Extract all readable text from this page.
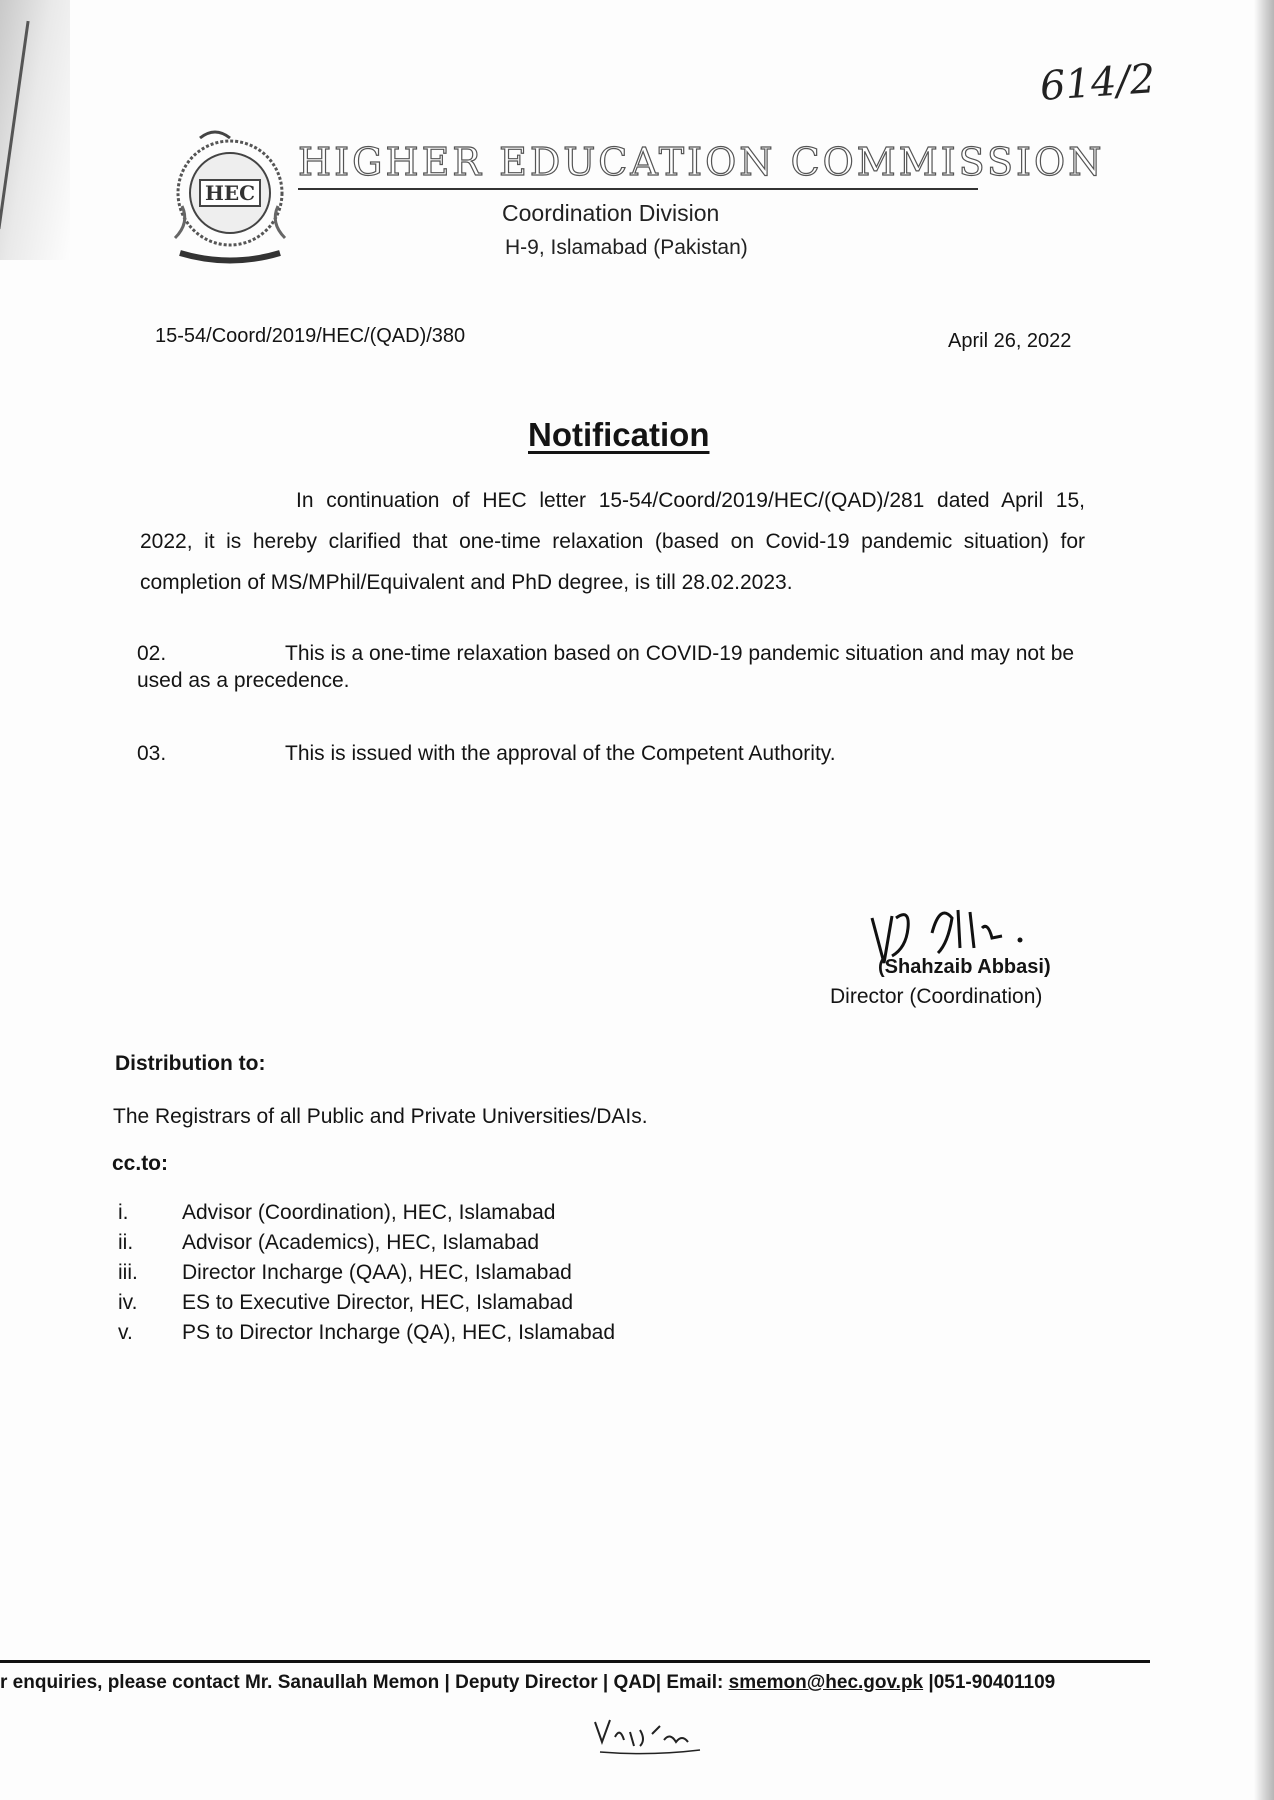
614/2
HEC
HIGHER EDUCATION COMMISSION
Coordination Division
H-9, Islamabad (Pakistan)
15-54/Coord/2019/HEC/(QAD)/380	April 26, 2022
Notification
In continuation of HEC letter 15-54/Coord/2019/HEC/(QAD)/281 dated April 15, 2022, it is hereby clarified that one-time relaxation (based on Covid-19 pandemic situation) for completion of MS/MPhil/Equivalent and PhD degree, is till 28.02.2023.
02.	This is a one-time relaxation based on COVID-19 pandemic situation and may not be used as a precedence.
03.	This is issued with the approval of the Competent Authority.
(Shahzaib Abbasi)
Director (Coordination)
Distribution to:
The Registrars of all Public and Private Universities/DAIs.
cc.to:
i.	Advisor (Coordination), HEC, Islamabad
ii.	Advisor (Academics), HEC, Islamabad
iii.	Director Incharge (QAA), HEC, Islamabad
iv.	ES to Executive Director, HEC, Islamabad
v.	PS to Director Incharge (QA), HEC, Islamabad
r enquiries, please contact Mr. Sanaullah Memon | Deputy Director | QAD| Email: smemon@hec.gov.pk |051-90401109
